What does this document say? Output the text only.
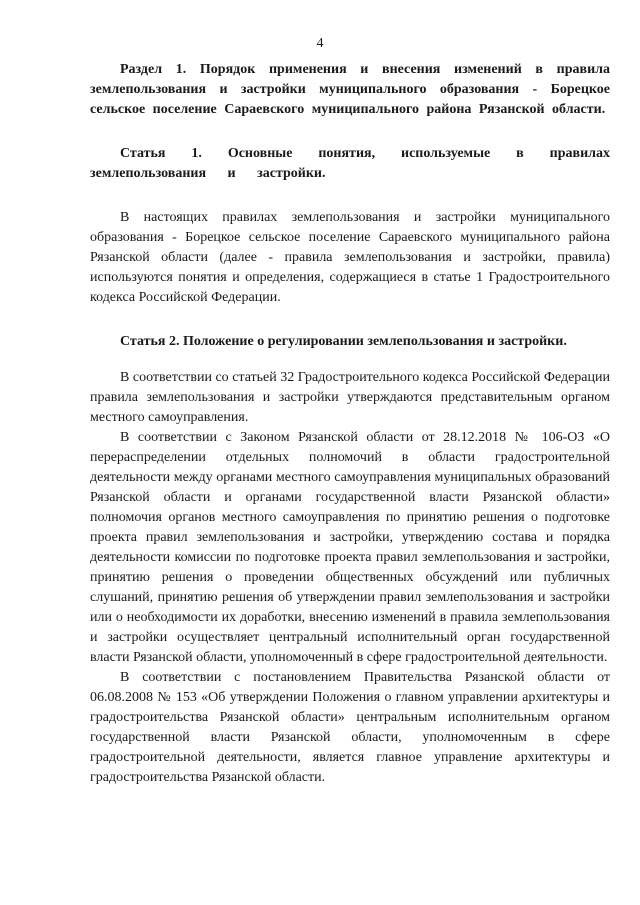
4

Раздел 1. Порядок применения и внесения изменений в правила землепользования и застройки муниципального образования - Борецкое сельское поселение Сараевского муниципального района Рязанской области.

Статья 1. Основные понятия, используемые в правилах землепользования и застройки.

В настоящих правилах землепользования и застройки муниципального образования - Борецкое сельское поселение Сараевского муниципального района Рязанской области (далее - правила землепользования и застройки, правила) используются понятия и определения, содержащиеся в статье 1 Градостроительного кодекса Российской Федерации.

Статья 2. Положение о регулировании землепользования и застройки.

В соответствии со статьей 32 Градостроительного кодекса Российской Федерации правила землепользования и застройки утверждаются представительным органом местного самоуправления.

В соответствии с Законом Рязанской области от 28.12.2018 № 106-ОЗ «О перераспределении отдельных полномочий в области градостроительной деятельности между органами местного самоуправления муниципальных образований Рязанской области и органами государственной власти Рязанской области» полномочия органов местного самоуправления по принятию решения о подготовке проекта правил землепользования и застройки, утверждению состава и порядка деятельности комиссии по подготовке проекта правил землепользования и застройки, принятию решения о проведении общественных обсуждений или публичных слушаний, принятию решения об утверждении правил землепользования и застройки или о необходимости их доработки, внесению изменений в правила землепользования и застройки осуществляет центральный исполнительный орган государственной власти Рязанской области, уполномоченный в сфере градостроительной деятельности.

В соответствии с постановлением Правительства Рязанской области от 06.08.2008 № 153 «Об утверждении Положения о главном управлении архитектуры и градостроительства Рязанской области» центральным исполнительным органом государственной власти Рязанской области, уполномоченным в сфере градостроительной деятельности, является главное управление архитектуры и градостроительства Рязанской области.
